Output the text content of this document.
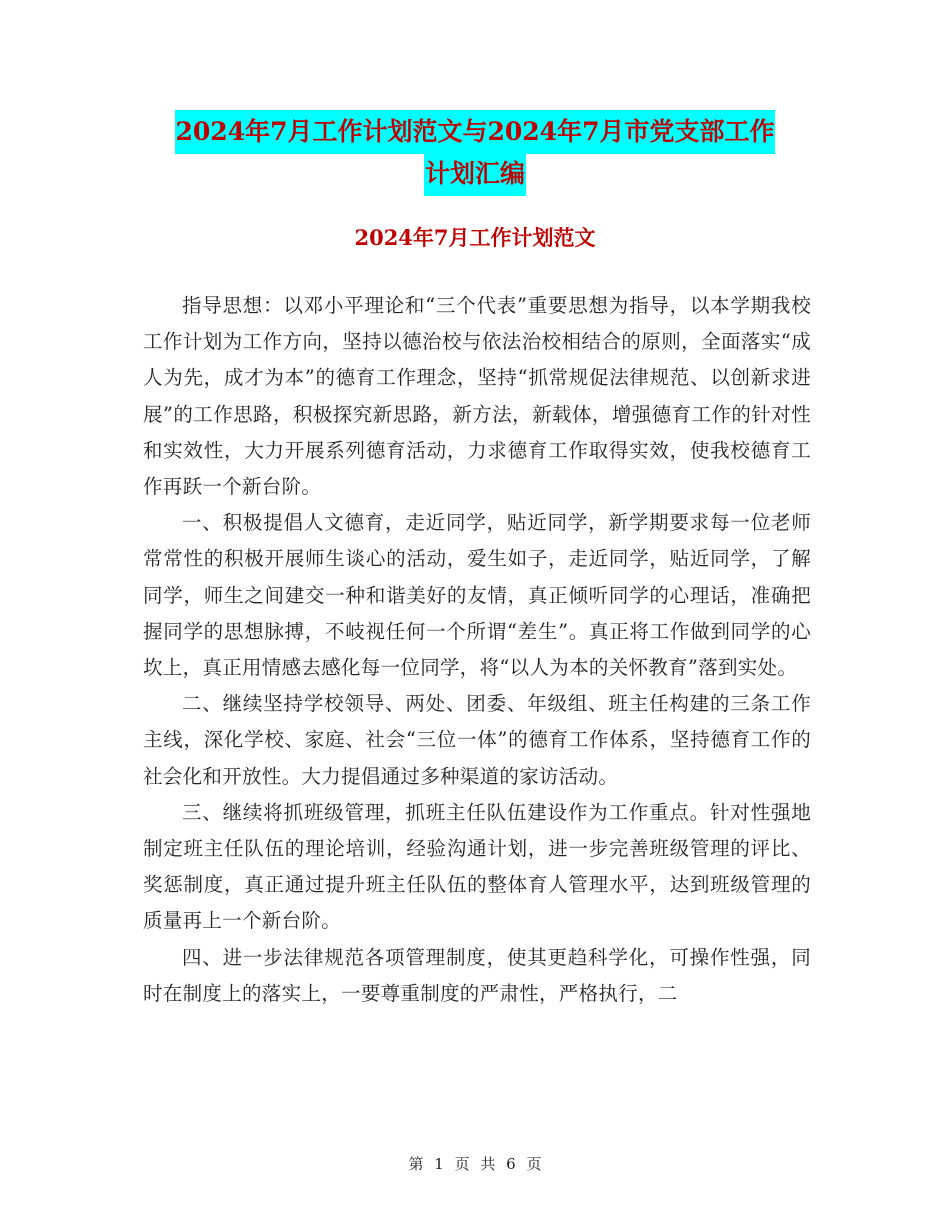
2024年7月工作计划范文与2024年7月市党支部工作
计划汇编
2024年7月工作计划范文

指导思想：以邓小平理论和“三个代表”重要思想为指导，以本学期我校工作计划为工作方向，坚持以德治校与依法治校相结合的原则，全面落实“成人为先，成才为本”的德育工作理念，坚持“抓常规促法律规范、以创新求进展”的工作思路，积极探究新思路，新方法，新载体，增强德育工作的针对性和实效性，大力开展系列德育活动，力求德育工作取得实效，使我校德育工作再跃一个新台阶。

一、积极提倡人文德育，走近同学，贴近同学，新学期要求每一位老师常常性的积极开展师生谈心的活动，爱生如子，走近同学，贴近同学，了解同学，师生之间建交一种和谐美好的友情，真正倾听同学的心理话，准确把握同学的思想脉搏，不岐视任何一个所谓“差生”。真正将工作做到同学的心坎上，真正用情感去感化每一位同学，将“以人为本的关怀教育”落到实处。

二、继续坚持学校领导、两处、团委、年级组、班主任构建的三条工作主线，深化学校、家庭、社会“三位一体”的德育工作体系，坚持德育工作的社会化和开放性。大力提倡通过多种渠道的家访活动。

三、继续将抓班级管理，抓班主任队伍建设作为工作重点。针对性强地制定班主任队伍的理论培训，经验沟通计划，进一步完善班级管理的评比、奖惩制度，真正通过提升班主任队伍的整体育人管理水平，达到班级管理的质量再上一个新台阶。

四、进一步法律规范各项管理制度，使其更趋科学化，可操作性强，同时在制度上的落实上，一要尊重制度的严肃性，严格执行，二

第 1 页 共 6 页
